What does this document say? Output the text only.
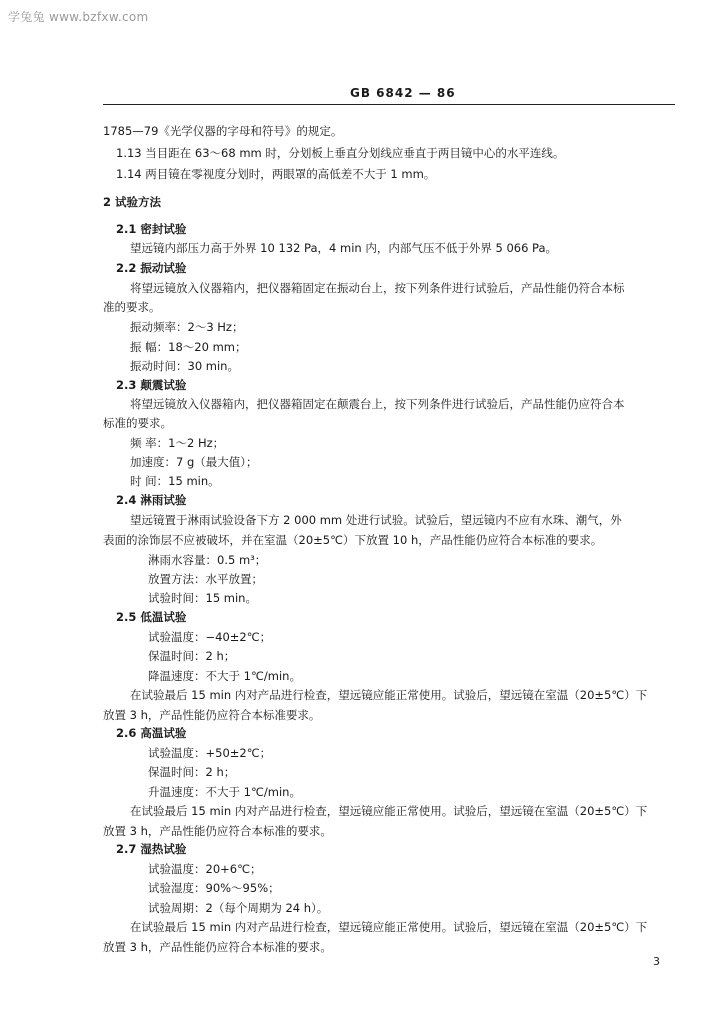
学兔兔 www.bzfxw.com
GB 6842 — 86
1785—79《光学仪器的字母和符号》的规定。
1.13 当目距在 63～68 mm 时，分划板上垂直分划线应垂直于两目镜中心的水平连线。
1.14 两目镜在零视度分划时，两眼罩的高低差不大于 1 mm。
2 试验方法
2.1 密封试验
望远镜内部压力高于外界 10 132 Pa，4 min 内，内部气压不低于外界 5 066 Pa。
2.2 振动试验
将望远镜放入仪器箱内，把仪器箱固定在振动台上，按下列条件进行试验后，产品性能仍符合本标
准的要求。
振动频率：2～3 Hz；
振 幅：18～20 mm；
振动时间：30 min。
2.3 颠震试验
将望远镜放入仪器箱内，把仪器箱固定在颠震台上，按下列条件进行试验后，产品性能仍应符合本
标准的要求。
频 率：1～2 Hz；
加速度：7 g（最大值）；
时 间：15 min。
2.4 淋雨试验
望远镜置于淋雨试验设备下方 2 000 mm 处进行试验。试验后，望远镜内不应有水珠、潮气，外
表面的涂饰层不应被破坏，并在室温（20±5℃）下放置 10 h，产品性能仍应符合本标准的要求。
淋雨水容量：0.5 m³；
放置方法：水平放置；
试验时间：15 min。
2.5 低温试验
试验温度：−40±2℃；
保温时间：2 h；
降温速度：不大于 1℃/min。
在试验最后 15 min 内对产品进行检查，望远镜应能正常使用。试验后，望远镜在室温（20±5℃）下
放置 3 h，产品性能仍应符合本标准要求。
2.6 高温试验
试验温度：+50±2℃；
保温时间：2 h；
升温速度：不大于 1℃/min。
在试验最后 15 min 内对产品进行检查，望远镜应能正常使用。试验后，望远镜在室温（20±5℃）下
放置 3 h，产品性能仍应符合本标准的要求。
2.7 湿热试验
试验温度：20+6℃；
试验湿度：90%～95%；
试验周期：2（每个周期为 24 h）。
在试验最后 15 min 内对产品进行检查，望远镜应能正常使用。试验后，望远镜在室温（20±5℃）下
放置 3 h，产品性能仍应符合本标准的要求。
3
